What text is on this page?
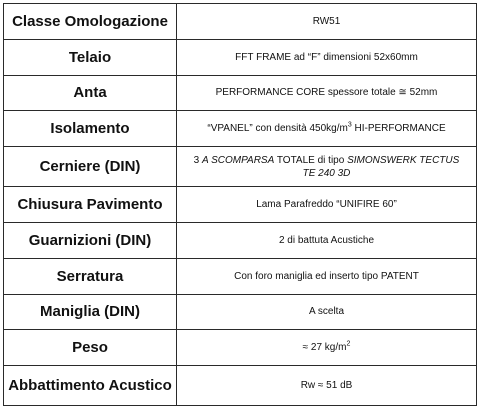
Classe Omologazione	RW51
Telaio	FFT FRAME ad “F” dimensioni 52x60mm
Anta	PERFORMANCE CORE spessore totale ≅ 52mm
Isolamento	“VPANEL” con densità $450kg/m^3$ HI-PERFORMANCE
Cerniere (DIN)	3 A SCOMPARSA TOTALE di tipo SIMONSWERK TECTUS
TE 240 3D
Chiusura Pavimento	Lama Parafreddo “UNIFIRE 60”
Guarnizioni (DIN)	2 di battuta Acustiche
Serratura	Con foro maniglia ed inserto tipo PATENT
Maniglia (DIN)	A scelta
Peso	≈ 27 $kg/m^2$
Abbattimento Acustico	Rw ≈ 51 dB
